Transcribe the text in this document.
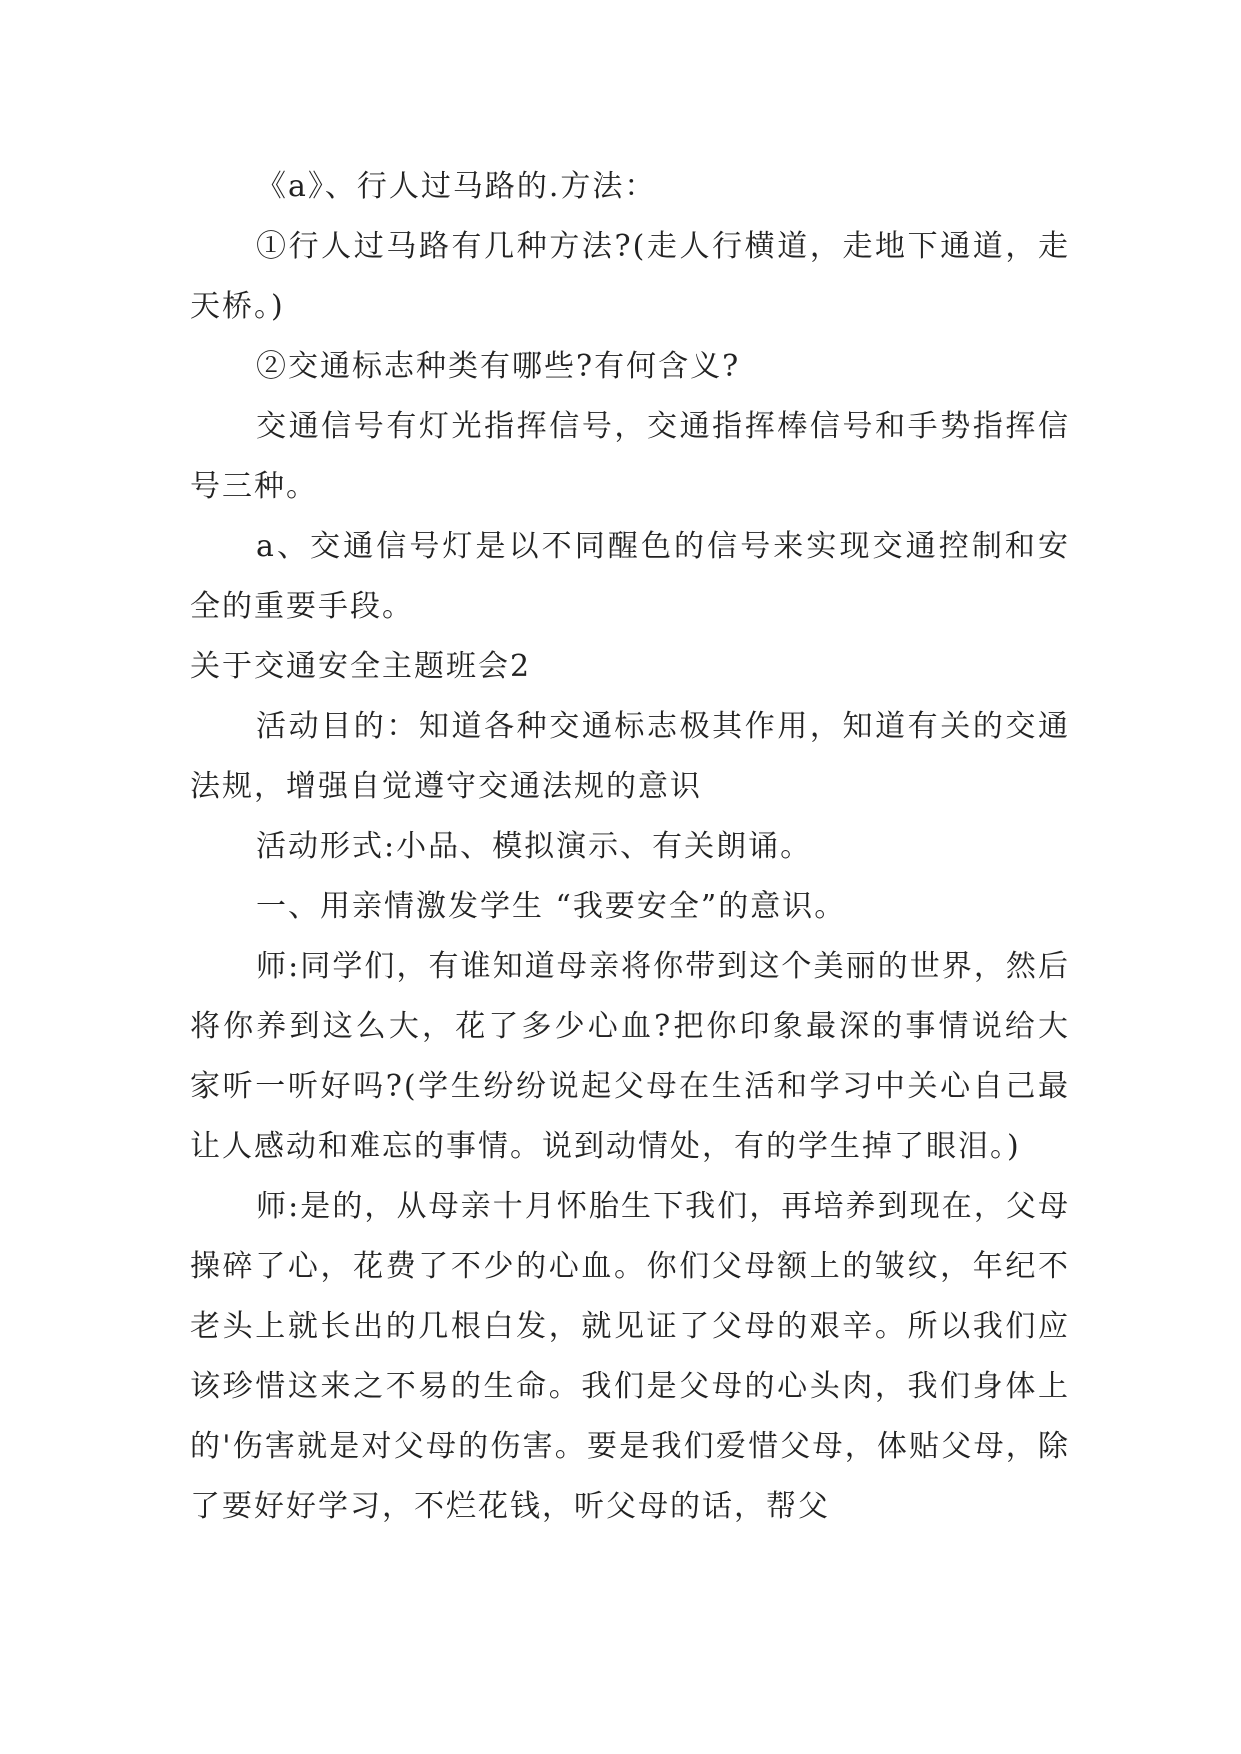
《a》、行人过马路的.方法：

①行人过马路有几种方法?(走人行横道，走地下通道，走天桥。)

②交通标志种类有哪些?有何含义?

交通信号有灯光指挥信号，交通指挥棒信号和手势指挥信号三种。

a、交通信号灯是以不同醒色的信号来实现交通控制和安全的重要手段。

关于交通安全主题班会2

活动目的：知道各种交通标志极其作用，知道有关的交通法规，增强自觉遵守交通法规的意识

活动形式:小品、模拟演示、有关朗诵。

一、用亲情激发学生 “我要安全”的意识。

师:同学们，有谁知道母亲将你带到这个美丽的世界，然后将你养到这么大，花了多少心血?把你印象最深的事情说给大家听一听好吗?(学生纷纷说起父母在生活和学习中关心自己最让人感动和难忘的事情。说到动情处，有的学生掉了眼泪。)

师:是的，从母亲十月怀胎生下我们，再培养到现在，父母操碎了心，花费了不少的心血。你们父母额上的皱纹，年纪不老头上就长出的几根白发，就见证了父母的艰辛。所以我们应该珍惜这来之不易的生命。我们是父母的心头肉，我们身体上的'伤害就是对父母的伤害。要是我们爱惜父母，体贴父母，除了要好好学习，不烂花钱，听父母的话，帮父
